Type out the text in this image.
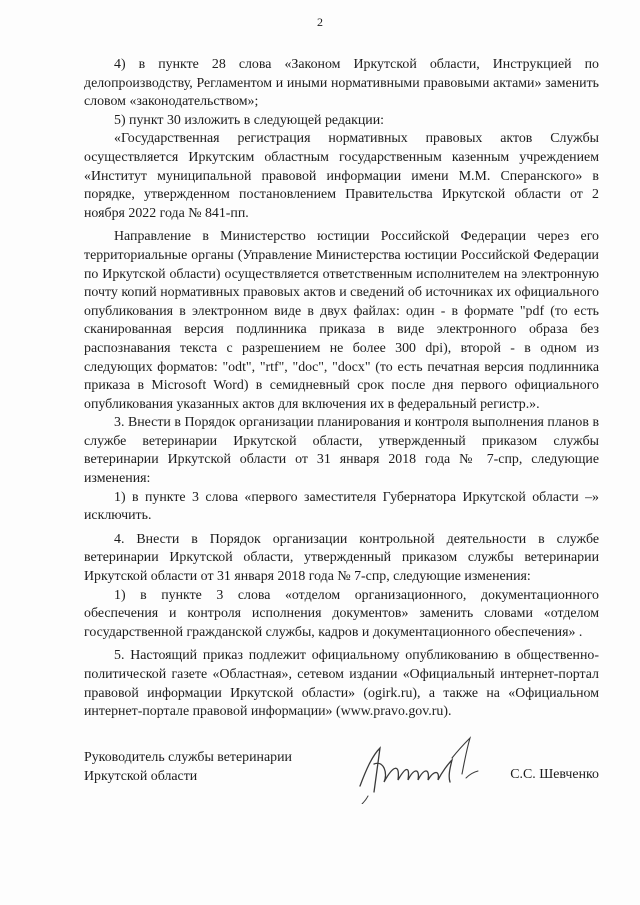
2

4) в пункте 28 слова «Законом Иркутской области, Инструкцией по делопроизводству, Регламентом и иными нормативными правовыми актами» заменить словом «законодательством»;

5) пункт 30 изложить в следующей редакции:

«Государственная регистрация нормативных правовых актов Службы осуществляется Иркутским областным государственным казенным учреждением «Институт муниципальной правовой информации имени М.М. Сперанского» в порядке, утвержденном постановлением Правительства Иркутской области от 2 ноября 2022 года № 841-пп.

Направление в Министерство юстиции Российской Федерации через его территориальные органы (Управление Министерства юстиции Российской Федерации по Иркутской области) осуществляется ответственным исполнителем на электронную почту копий нормативных правовых актов и сведений об источниках их официального опубликования в электронном виде в двух файлах: один - в формате "pdf (то есть сканированная версия подлинника приказа в виде электронного образа без распознавания текста с разрешением не более 300 dpi), второй - в одном из следующих форматов: "odt", "rtf", "doc", "docx" (то есть печатная версия подлинника приказа в Microsoft Word) в семидневный срок после дня первого официального опубликования указанных актов для включения их в федеральный регистр.».

3. Внести в Порядок организации планирования и контроля выполнения планов в службе ветеринарии Иркутской области, утвержденный приказом службы ветеринарии Иркутской области от 31 января 2018 года № 7-спр, следующие изменения:

1) в пункте 3 слова «первого заместителя Губернатора Иркутской области –» исключить.

4. Внести в Порядок организации контрольной деятельности в службе ветеринарии Иркутской области, утвержденный приказом службы ветеринарии Иркутской области от 31 января 2018 года № 7-спр, следующие изменения:

1) в пункте 3 слова «отделом организационного, документационного обеспечения и контроля исполнения документов» заменить словами «отделом государственной гражданской службы, кадров и документационного обеспечения» .

5. Настоящий приказ подлежит официальному опубликованию в общественно-политической газете «Областная», сетевом издании «Официальный интернет-портал правовой информации Иркутской области» (ogirk.ru), а также на «Официальном интернет-портале правовой информации» (www.pravo.gov.ru).

Руководитель службы ветеринарии
Иркутской области	С.С. Шевченко
